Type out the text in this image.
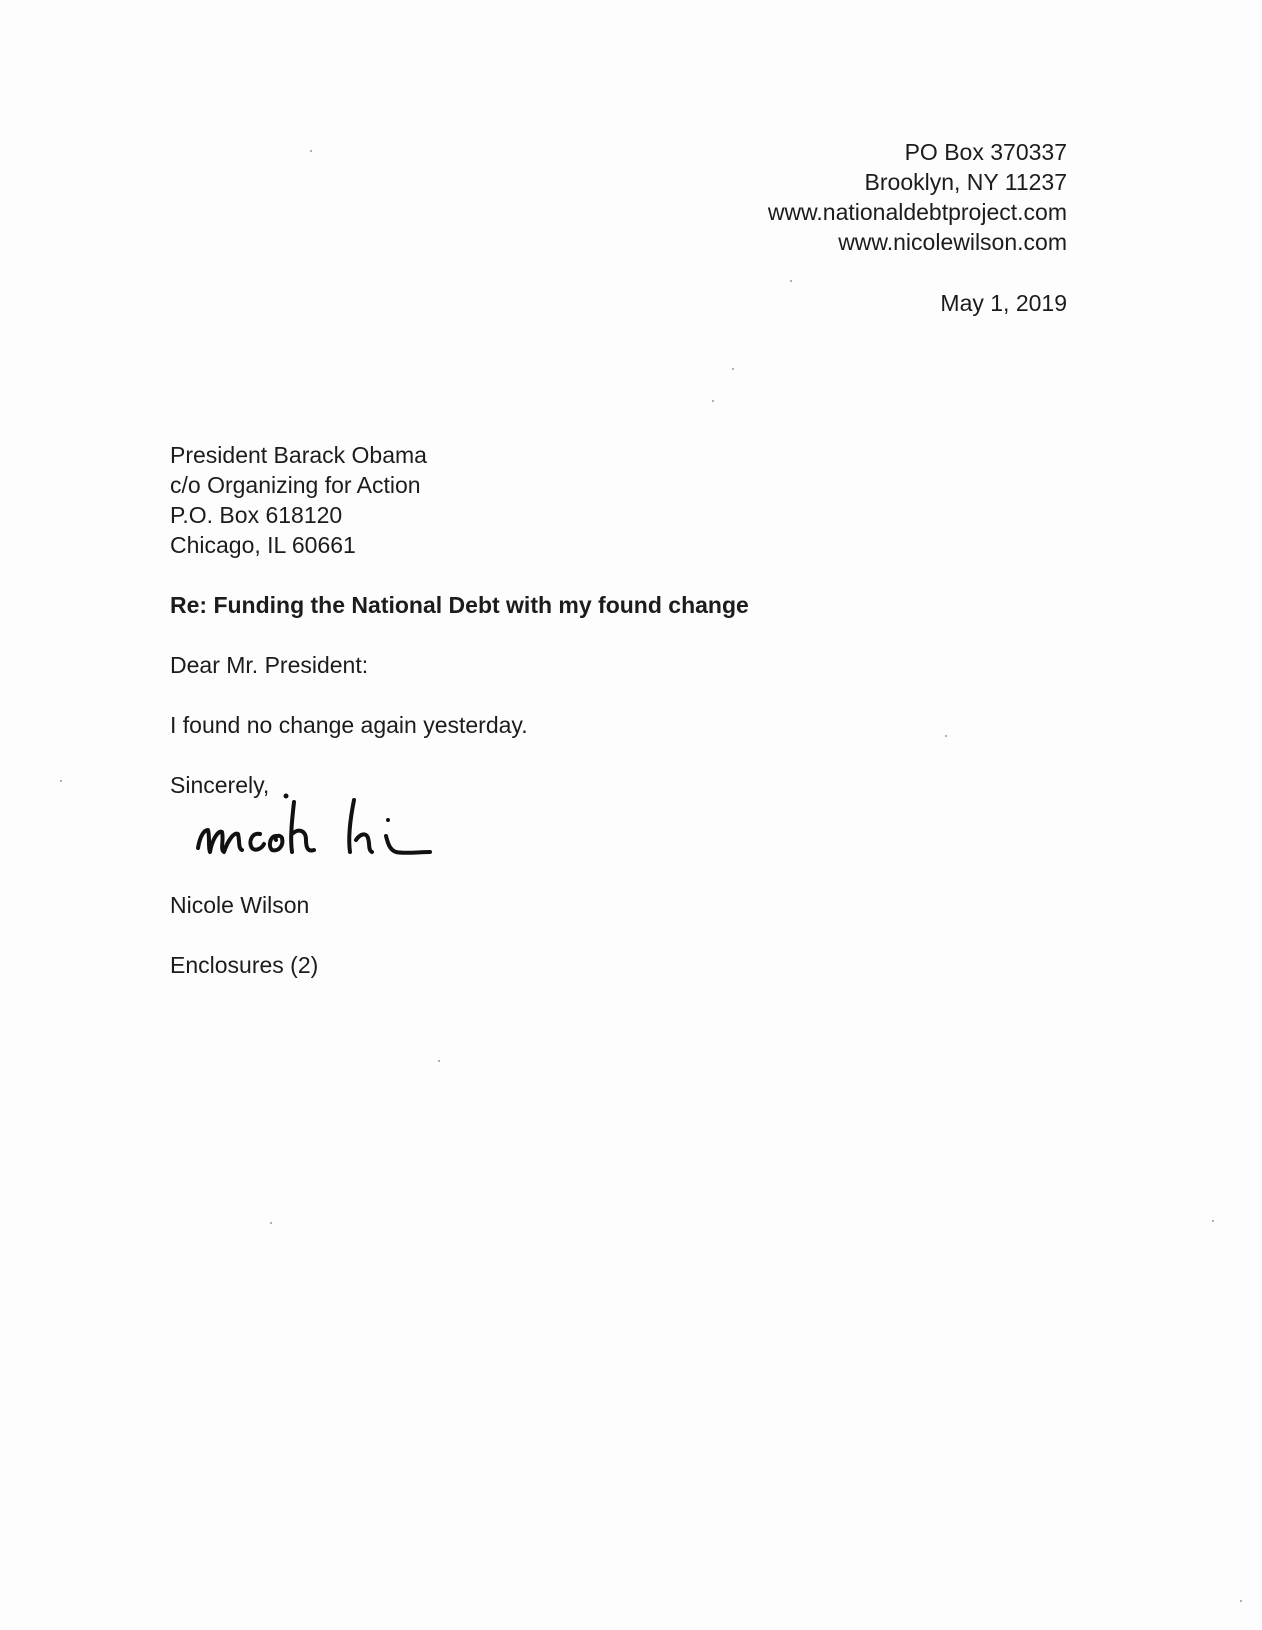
PO Box 370337
Brooklyn, NY 11237
www.nationaldebtproject.com
www.nicolewilson.com
May 1, 2019
President Barack Obama
c/o Organizing for Action
P.O. Box 618120
Chicago, IL 60661
Re: Funding the National Debt with my found change
Dear Mr. President:
I found no change again yesterday.
Sincerely,
Nicole Wilson
Enclosures (2)
